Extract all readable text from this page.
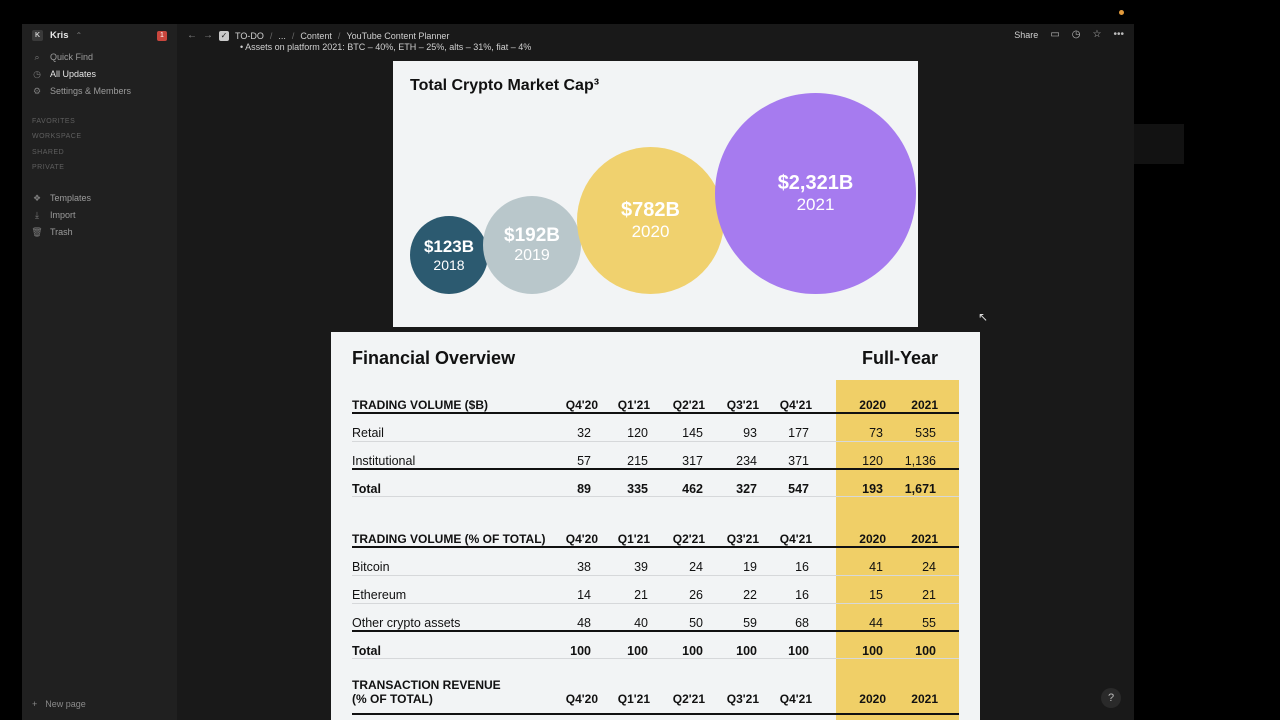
K	Kris ⌃	1
⌕ Quick Find
◷ All Updates
⚙ Settings & Members
FAVORITES
WORKSPACE
SHARED
PRIVATE
❖ Templates
⤓	Import
🗑 Trash
+ New page
← → ✓ TO-DO / ... / Content / YouTube Content Planner	Share ▭ ◷ ☆ •••
• Assets on platform 2021: BTC – 40%, ETH – 25%, alts – 31%, fiat – 4%
Total Crypto Market Cap³
$123B
2018
$192B
2019
$782B
2020
$2,321B
2021
Financial Overview	Full-Year
TRADING VOLUME ($B)	Q4'20	Q1'21	Q2'21	Q3'21	Q4'21	2020	2021
Retail	32	120	145	93	177	73	535
Institutional	57	215	317	234	371	120	1,136
Total	89	335	462	327	547	193	1,671
TRADING VOLUME (% OF TOTAL)	Q4'20	Q1'21	Q2'21	Q3'21	Q4'21	2020	2021
Bitcoin	38	39	24	19	16	41	24
Ethereum	14	21	26	22	16	15	21
Other crypto assets	48	40	50	59	68	44	55
Total	100	100	100	100	100	100	100
TRANSACTION REVENUE
(% OF TOTAL)	Q4'20	Q1'21	Q2'21	Q3'21	Q4'21	2020	2021
↖
?
